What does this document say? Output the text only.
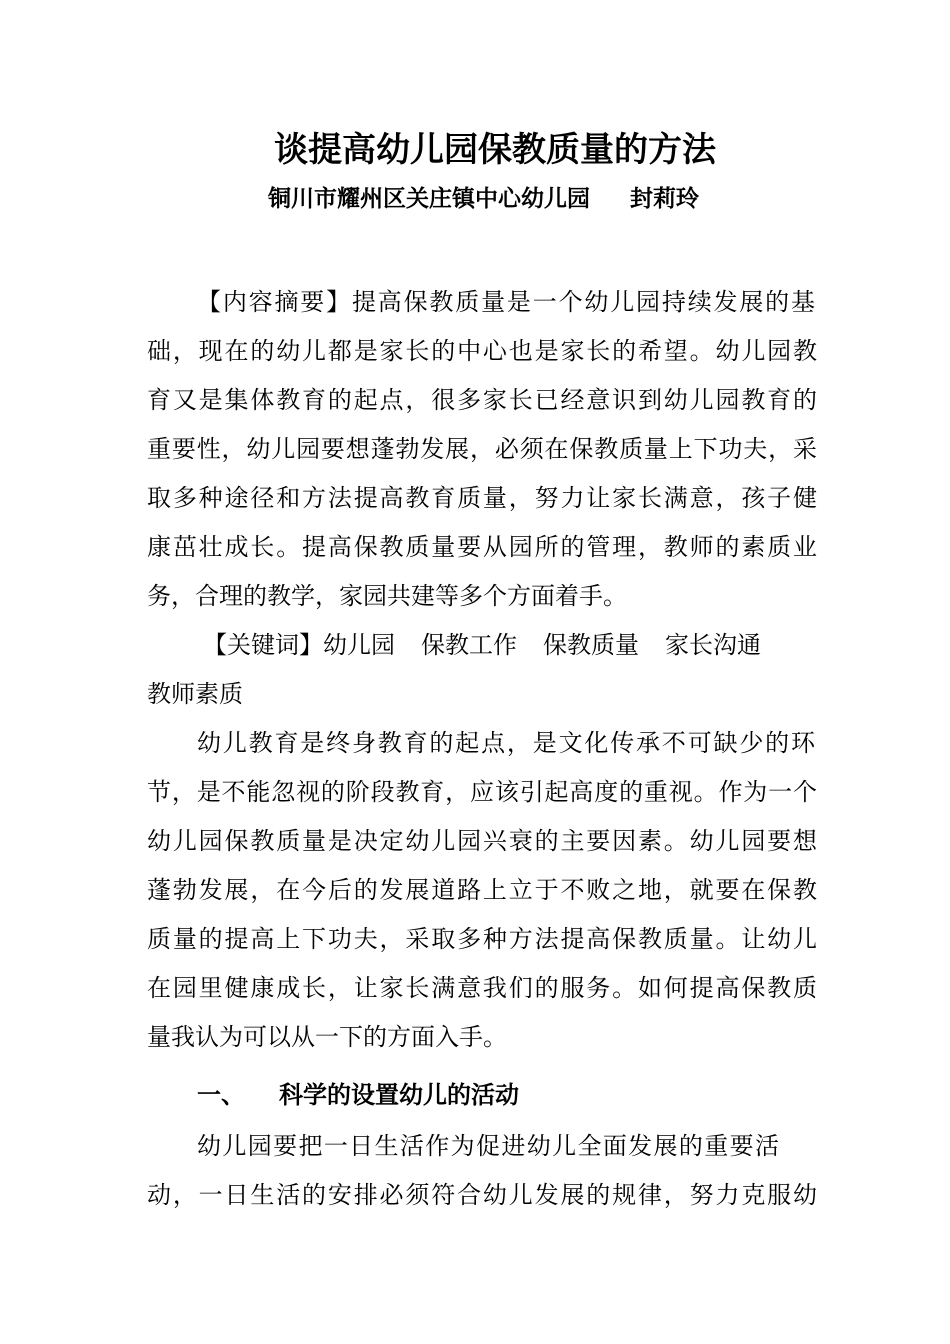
谈提高幼儿园保教质量的方法
铜川市耀州区关庄镇中心幼儿园 封莉玲
【内容摘要】提高保教质量是一个幼儿园持续发展的基
础，现在的幼儿都是家长的中心也是家长的希望。幼儿园教
育又是集体教育的起点，很多家长已经意识到幼儿园教育的
重要性，幼儿园要想蓬勃发展，必须在保教质量上下功夫，采
取多种途径和方法提高教育质量，努力让家长满意，孩子健
康茁壮成长。提高保教质量要从园所的管理，教师的素质业
务，合理的教学，家园共建等多个方面着手。
【关键词】幼儿园 保教工作 保教质量 家长沟通
教师素质
幼儿教育是终身教育的起点，是文化传承不可缺少的环
节，是不能忽视的阶段教育，应该引起高度的重视。作为一个
幼儿园保教质量是决定幼儿园兴衰的主要因素。幼儿园要想
蓬勃发展，在今后的发展道路上立于不败之地，就要在保教
质量的提高上下功夫，采取多种方法提高保教质量。让幼儿
在园里健康成长，让家长满意我们的服务。如何提高保教质
量我认为可以从一下的方面入手。
一、 科学的设置幼儿的活动
幼儿园要把一日生活作为促进幼儿全面发展的重要活
动，一日生活的安排必须符合幼儿发展的规律，努力克服幼
